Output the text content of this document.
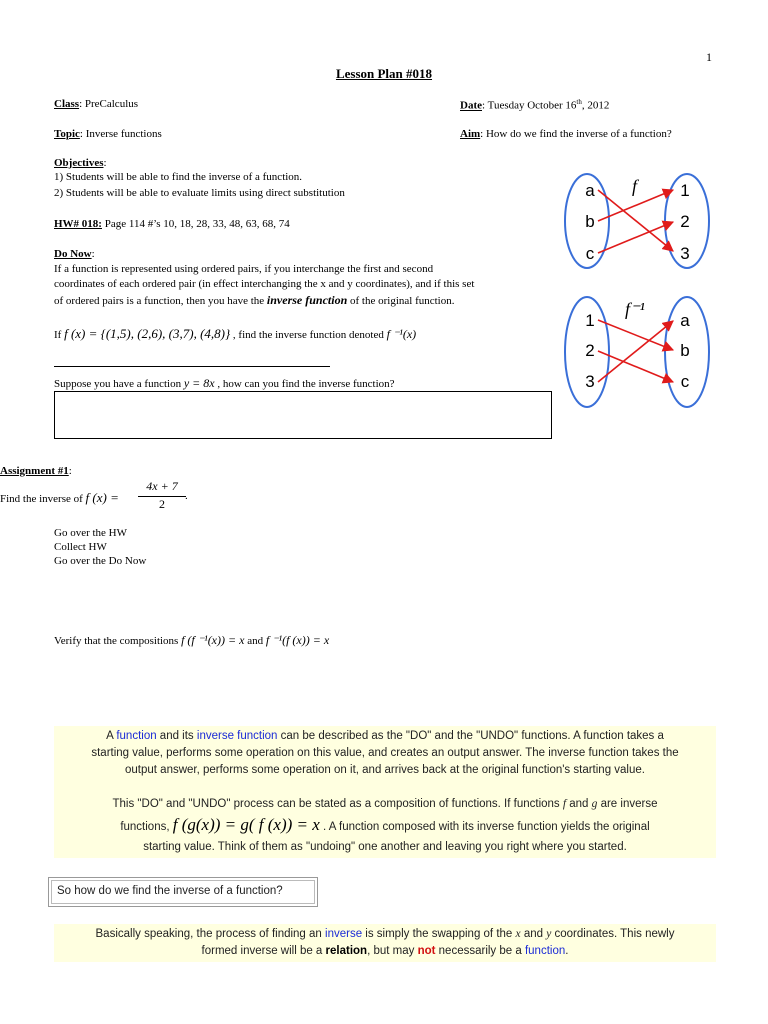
1
Lesson Plan #018
Class: PreCalculus	Date: Tuesday October 16th, 2012
Topic: Inverse functions	Aim: How do we find the inverse of a function?
Objectives:
1) Students will be able to find the inverse of a function.
2) Students will be able to evaluate limits using direct substitution
HW# 018: Page 114 #’s 10, 18, 28, 33, 48, 63, 68, 74
Do Now:
If a function is represented using ordered pairs, if you interchange the first and second
coordinates of each ordered pair (in effect interchanging the x and y coordinates), and if this set
of ordered pairs is a function, then you have the inverse function of the original function.
If f (x) = {(1,5), (2,6), (3,7), (4,8)} , find the inverse function denoted f ⁻¹(x)
Suppose you have a function y = 8x , how can you find the inverse function?
a
b
c
1
2
3
f
1
2
3
a
b
c
f⁻¹
Assignment #1:
Find the inverse of f $(x) = \frac{4x + 7}{2}$ .
Go over the HW
Collect HW
Go over the Do Now
Verify that the compositions f (f ⁻¹(x)) = x and f ⁻¹(f (x)) = x
A function and its inverse function can be described as the "DO" and the "UNDO" functions. A function takes a
starting value, performs some operation on this value, and creates an output answer. The inverse function takes the
output answer, performs some operation on it, and arrives back at the original function's starting value.
This "DO" and "UNDO" process can be stated as a composition of functions. If functions f and g are inverse
functions, f (g(x)) = g( f (x)) = x . A function composed with its inverse function yields the original
starting value. Think of them as "undoing" one another and leaving you right where you started.
So how do we find the inverse of a function?
Basically speaking, the process of finding an inverse is simply the swapping of the x and y coordinates. This newly
formed inverse will be a relation, but may not necessarily be a function.
